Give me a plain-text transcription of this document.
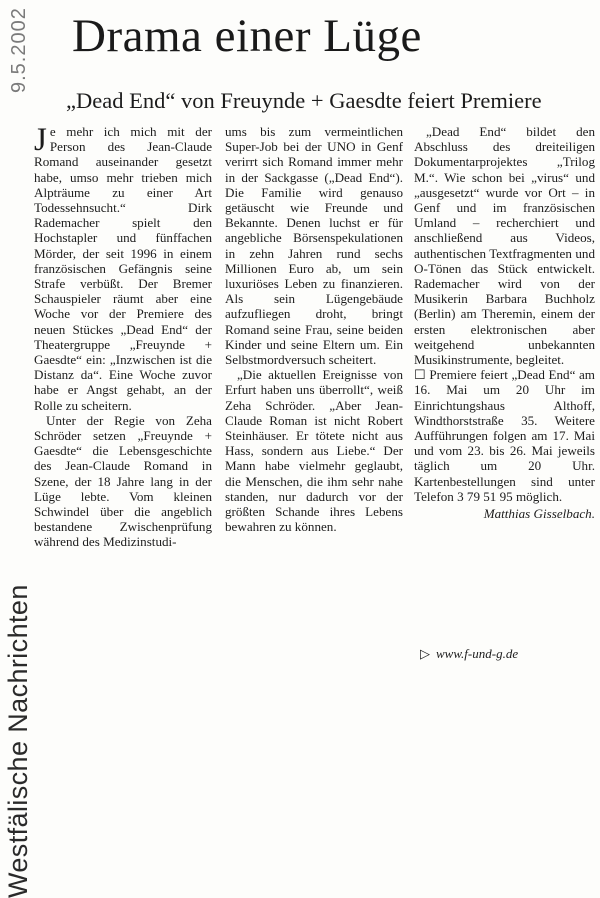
9.5.2002
Westfälische Nachrichten
Drama einer Lüge
„Dead End“ von Freuynde + Gaesdte feiert Premiere

Je mehr ich mich mit der Person des Jean-Claude Romand auseinander gesetzt habe, umso mehr trieben mich Alpträume zu einer Art Todessehnsucht.“ Dirk Rademacher spielt den Hochstapler und fünffachen Mörder, der seit 1996 in einem französischen Gefängnis seine Strafe verbüßt. Der Bremer Schauspieler räumt aber eine Woche vor der Premiere des neuen Stückes „Dead End“ der Theatergruppe „Freuynde + Gaesdte“ ein: „Inzwischen ist die Distanz da“. Eine Woche zuvor habe er Angst gehabt, an der Rolle zu scheitern.

Unter der Regie von Zeha Schröder setzen „Freuynde + Gaesdte“ die Lebensgeschichte des Jean-Claude Romand in Szene, der 18 Jahre lang in der Lüge lebte. Vom kleinen Schwindel über die angeblich bestandene Zwischenprüfung während des Medizinstudi-

ums bis zum vermeintlichen Super-Job bei der UNO in Genf verirrt sich Romand immer mehr in der Sackgasse („Dead End“). Die Familie wird genauso getäuscht wie Freunde und Bekannte. Denen luchst er für angebliche Börsenspekulationen in zehn Jahren rund sechs Millionen Euro ab, um sein luxuriöses Leben zu finanzieren. Als sein Lügengebäude aufzufliegen droht, bringt Romand seine Frau, seine beiden Kinder und seine Eltern um. Ein Selbstmordversuch scheitert.

„Die aktuellen Ereignisse von Erfurt haben uns überrollt“, weiß Zeha Schröder. „Aber Jean-Claude Roman ist nicht Robert Steinhäuser. Er tötete nicht aus Hass, sondern aus Liebe.“ Der Mann habe vielmehr geglaubt, die Menschen, die ihm sehr nahe standen, nur dadurch vor der größten Schande ihres Lebens bewahren zu können.

„Dead End“ bildet den Abschluss des dreiteiligen Dokumentarprojektes „Trilog M.“. Wie schon bei „virus“ und „ausgesetzt“ wurde vor Ort – in Genf und im französischen Umland – recherchiert und anschließend aus Videos, authentischen Textfragmenten und O-Tönen das Stück entwickelt. Rademacher wird von der Musikerin Barbara Buchholz (Berlin) am Theremin, einem der ersten elektronischen aber weitgehend unbekannten Musikinstrumente, begleitet.

☐ Premiere feiert „Dead End“ am 16. Mai um 20 Uhr im Einrichtungshaus Althoff, Windthorststraße 35. Weitere Aufführungen folgen am 17. Mai und vom 23. bis 26. Mai jeweils täglich um 20 Uhr. Kartenbestellungen sind unter Telefon 3 79 51 95 möglich.

Matthias Gisselbach.
▷ www.f-und-g.de
